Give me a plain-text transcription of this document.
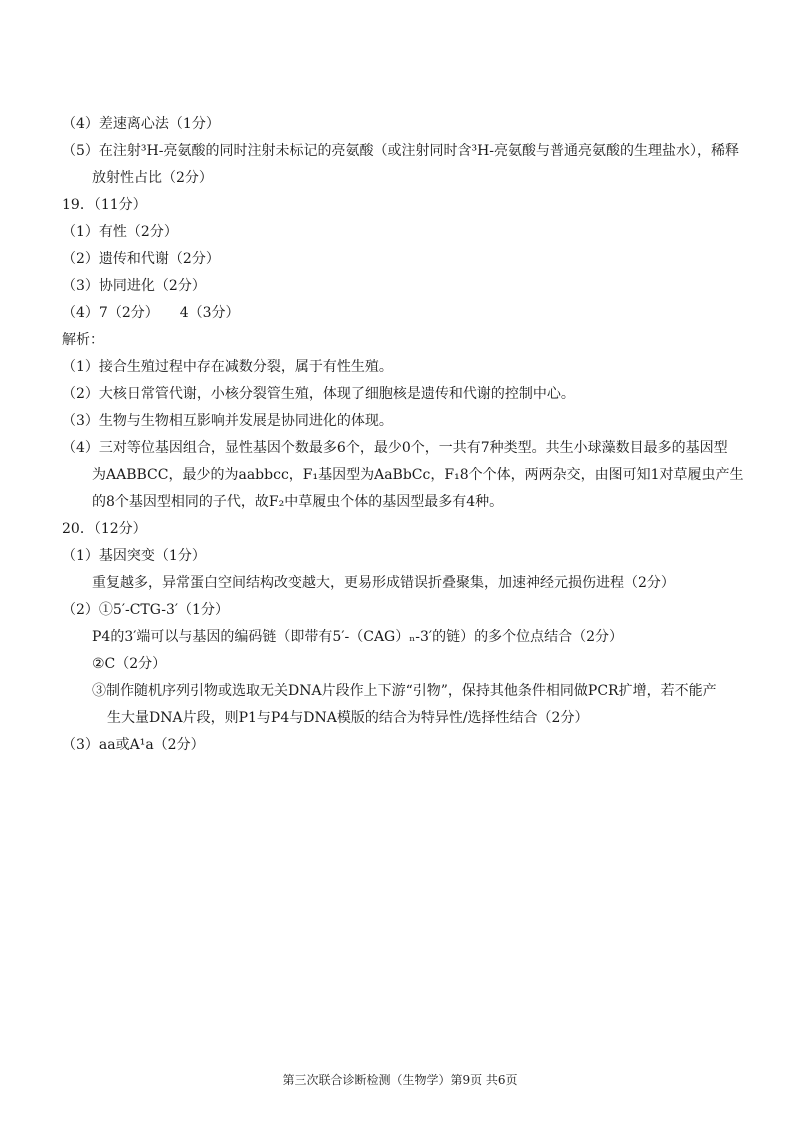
（4）差速离心法（1分）
（5）在注射³H-亮氨酸的同时注射未标记的亮氨酸（或注射同时含³H-亮氨酸与普通亮氨酸的生理盐水），稀释
放射性占比（2分）
19．（11分）
（1）有性（2分）
（2）遗传和代谢（2分）
（3）协同进化（2分）
（4）7（2分）　　4（3分）
解析：
（1）接合生殖过程中存在减数分裂，属于有性生殖。
（2）大核日常管代谢，小核分裂管生殖，体现了细胞核是遗传和代谢的控制中心。
（3）生物与生物相互影响并发展是协同进化的体现。
（4）三对等位基因组合，显性基因个数最多6个，最少0个，一共有7种类型。共生小球藻数目最多的基因型
为AABBCC，最少的为aabbcc，F₁基因型为AaBbCc，F₁8个个体，两两杂交，由图可知1对草履虫产生
的8个基因型相同的子代，故F₂中草履虫个体的基因型最多有4种。
20．（12分）
（1）基因突变（1分）
重复越多，异常蛋白空间结构改变越大，更易形成错误折叠聚集，加速神经元损伤进程（2分）
（2）①5′-CTG-3′（1分）
P4的3′端可以与基因的编码链（即带有5′-（CAG）ₙ-3′的链）的多个位点结合（2分）
②C（2分）
③制作随机序列引物或选取无关DNA片段作上下游“引物”，保持其他条件相同做PCR扩增，若不能产
生大量DNA片段，则P1与P4与DNA模版的结合为特异性/选择性结合（2分）
（3）aa或A¹a（2分）
第三次联合诊断检测（生物学）第9页 共6页
